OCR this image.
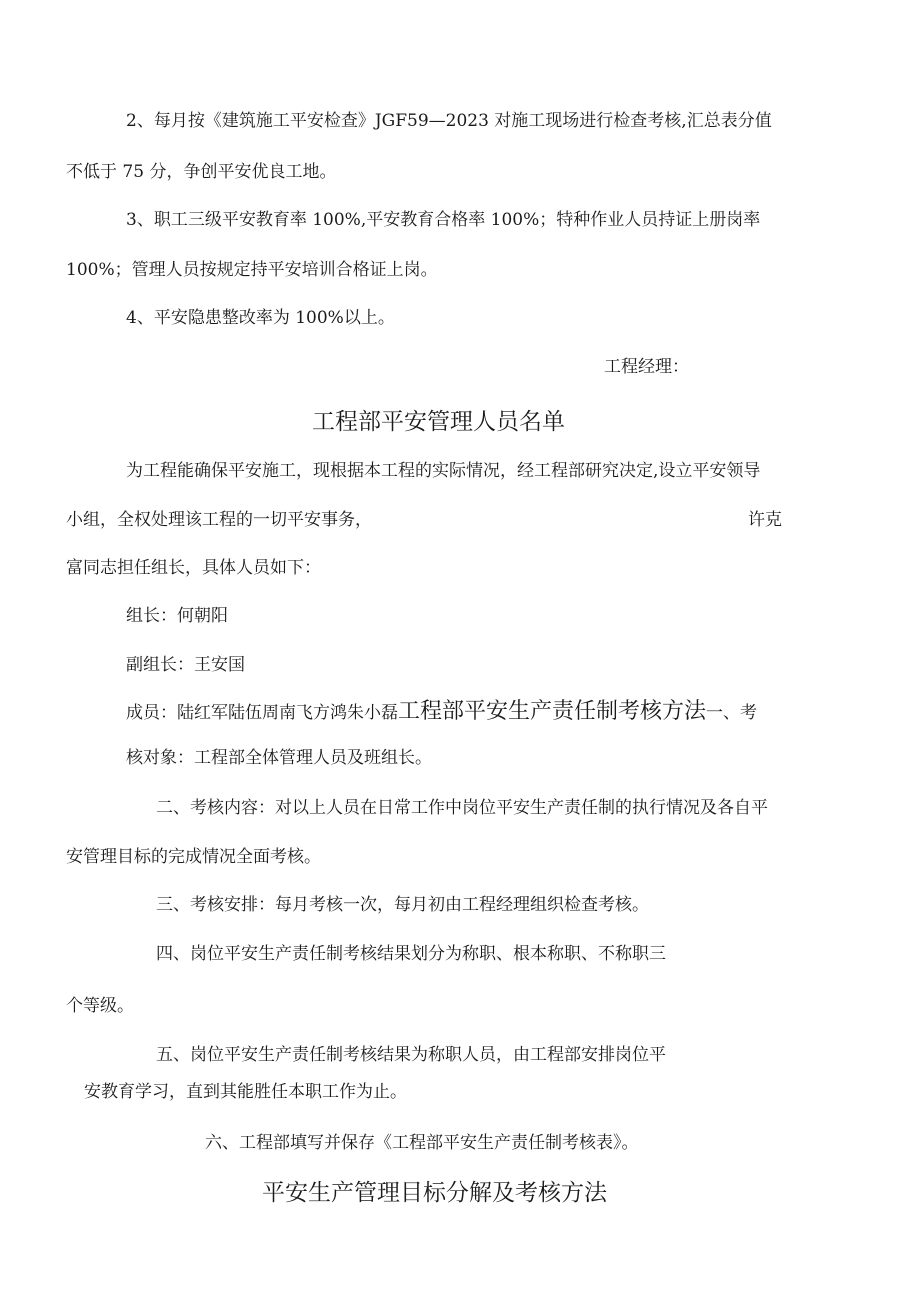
2、每月按《建筑施工平安检查》JGF59—2023 对施工现场进行检查考核,汇总表分值
不低于 75 分，争创平安优良工地。
3、职工三级平安教育率 100%,平安教育合格率 100%；特种作业人员持证上册岗率
100%；管理人员按规定持平安培训合格证上岗。
4、平安隐患整改率为 100%以上。
工程经理：
工程部平安管理人员名单
为工程能确保平安施工，现根据本工程的实际情况，经工程部研究决定,设立平安领导
小组，全权处理该工程的一切平安事务，	许克
富同志担任组长，具体人员如下：
组长：何朝阳
副组长：王安国
成员：陆红军陆伍周南飞方鸿朱小磊工程部平安生产责任制考核方法一、考
核对象：工程部全体管理人员及班组长。
二、考核内容：对以上人员在日常工作中岗位平安生产责任制的执行情况及各自平
安管理目标的完成情况全面考核。
三、考核安排：每月考核一次，每月初由工程经理组织检查考核。
四、岗位平安生产责任制考核结果划分为称职、根本称职、不称职三
个等级。
五、岗位平安生产责任制考核结果为称职人员，由工程部安排岗位平
安教育学习，直到其能胜任本职工作为止。
六、工程部填写并保存《工程部平安生产责任制考核表》。
平安生产管理目标分解及考核方法
